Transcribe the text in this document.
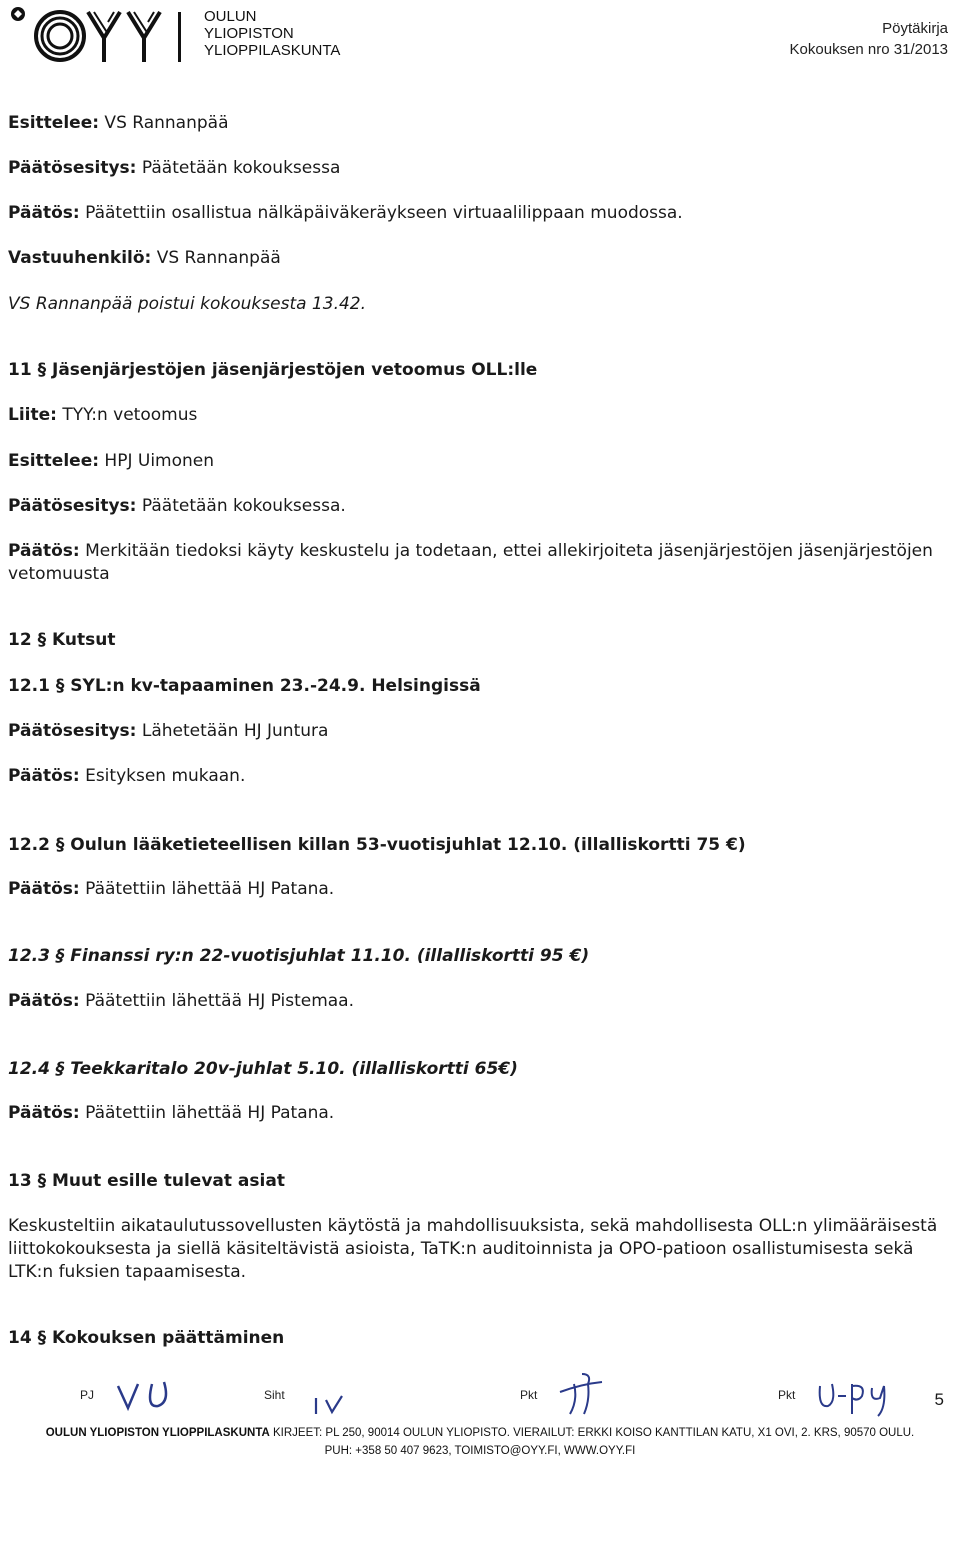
OULUN
YLIOPISTON
YLIOPPILASKUNTA
Pöytäkirja
Kokouksen nro 31/2013
Esittelee: VS Rannanpää
Päätösesitys: Päätetään kokouksessa
Päätös: Päätettiin osallistua nälkäpäiväkeräykseen virtuaalilippaan muodossa.
Vastuuhenkilö: VS Rannanpää
VS Rannanpää poistui kokouksesta 13.42.
11 § Jäsenjärjestöjen jäsenjärjestöjen vetoomus OLL:lle
Liite: TYY:n vetoomus
Esittelee: HPJ Uimonen
Päätösesitys: Päätetään kokouksessa.
Päätös: Merkitään tiedoksi käyty keskustelu ja todetaan, ettei allekirjoiteta jäsenjärjestöjen jäsenjärjestöjen vetomuusta
12 § Kutsut
12.1 § SYL:n kv-tapaaminen 23.-24.9. Helsingissä
Päätösesitys: Lähetetään HJ Juntura
Päätös: Esityksen mukaan.
12.2 § Oulun lääketieteellisen killan 53-vuotisjuhlat 12.10. (illalliskortti 75 €)
Päätös: Päätettiin lähettää HJ Patana.
12.3 § Finanssi ry:n 22-vuotisjuhlat 11.10. (illalliskortti 95 €)
Päätös: Päätettiin lähettää HJ Pistemaa.
12.4 § Teekkaritalo 20v-juhlat 5.10. (illalliskortti 65€)
Päätös: Päätettiin lähettää HJ Patana.
13 § Muut esille tulevat asiat
Keskusteltiin aikataulutussovellusten käytöstä ja mahdollisuuksista, sekä mahdollisesta OLL:n ylimääräisestä liittokokouksesta ja siellä käsiteltävistä asioista, TaTK:n auditoinnista ja OPO-patioon osallistumisesta sekä LTK:n fuksien tapaamisesta.
14 § Kokouksen päättäminen
PJ	Siht	Pkt	Pkt	5
OULUN YLIOPISTON YLIOPPILASKUNTA KIRJEET: PL 250, 90014 OULUN YLIOPISTO. VIERAILUT: ERKKI KOISO KANTTILAN KATU, X1 OVI, 2. KRS, 90570 OULU.
PUH: +358 50 407 9623, TOIMISTO@OYY.FI, WWW.OYY.FI
